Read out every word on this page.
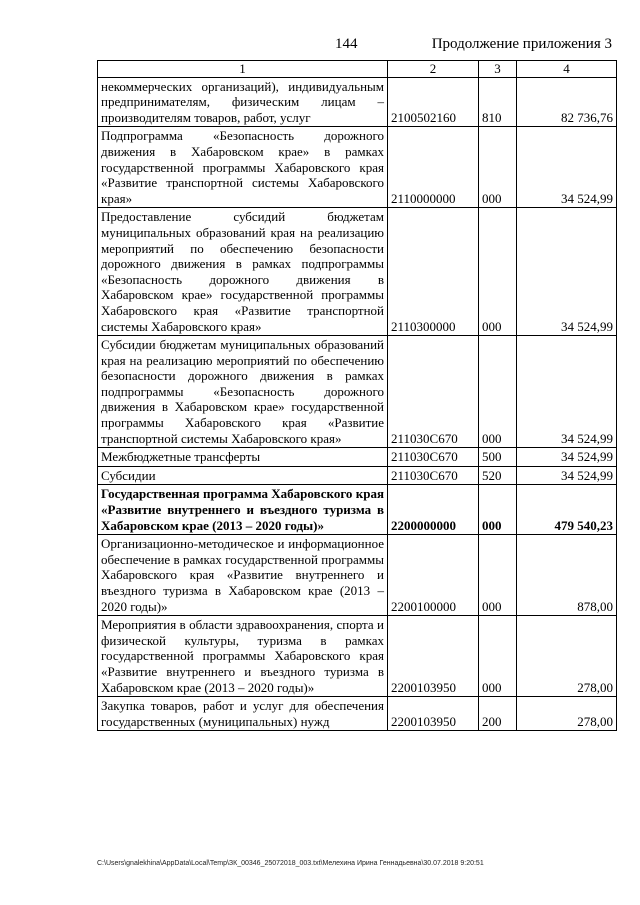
144	Продолжение приложения 3
1	2	3	4
некоммерческих организаций), индивидуальным предпринимателям, физическим лицам – производителям товаров, работ, услуг	2100502160	810	82 736,76
Подпрограмма «Безопасность дорожного движения в Хабаровском крае» в рамках государственной программы Хабаровского края «Развитие транспортной системы Хабаровского края»	2110000000	000	34 524,99
Предоставление субсидий бюджетам муниципальных образований края на реализацию мероприятий по обеспечению безопасности дорожного движения в рамках подпрограммы «Безопасность дорожного движения в Хабаровском крае» государственной программы Хабаровского края «Развитие транспортной системы Хабаровского края»	2110300000	000	34 524,99
Субсидии бюджетам муниципальных образований края на реализацию мероприятий по обеспечению безопасности дорожного движения в рамках подпрограммы «Безопасность дорожного движения в Хабаровском крае» государственной программы Хабаровского края «Развитие транспортной системы Хабаровского края»	211030С670	000	34 524,99
Межбюджетные трансферты	211030С670	500	34 524,99
Субсидии	211030С670	520	34 524,99
Государственная программа Хабаровского края «Развитие внутреннего и въездного туризма в Хабаровском крае (2013 – 2020 годы)»	2200000000	000	479 540,23
Организационно-методическое и информационное обеспечение в рамках государственной программы Хабаровского края «Развитие внутреннего и въездного туризма в Хабаровском крае (2013 – 2020 годы)»	2200100000	000	878,00
Мероприятия в области здравоохранения, спорта и физической культуры, туризма в рамках государственной программы Хабаровского края «Развитие внутреннего и въездного туризма в Хабаровском крае (2013 – 2020 годы)»	2200103950	000	278,00
Закупка товаров, работ и услуг для обеспечения государственных (муниципальных) нужд	2200103950	200	278,00
C:\Users\gnalekhina\AppData\Local\Temp\ЗК_00346_25072018_003.txt\Мелехина Ирина Геннадьевна\30.07.2018 9:20:51
